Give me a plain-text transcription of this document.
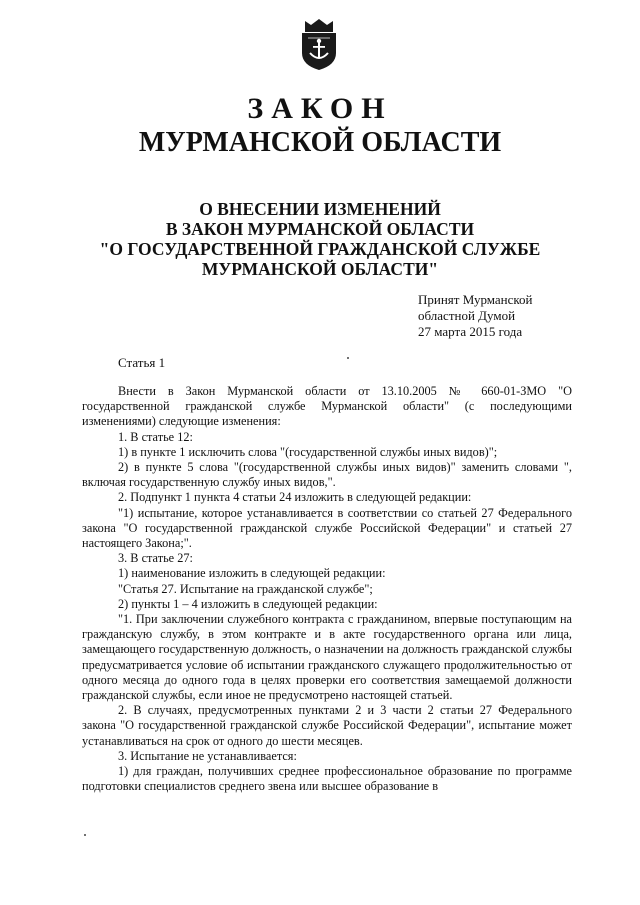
ЗАКОН
МУРМАНСКОЙ ОБЛАСТИ
О ВНЕСЕНИИ ИЗМЕНЕНИЙ
В ЗАКОН МУРМАНСКОЙ ОБЛАСТИ
"О ГОСУДАРСТВЕННОЙ ГРАЖДАНСКОЙ СЛУЖБЕ
МУРМАНСКОЙ ОБЛАСТИ"
Принят Мурманской
областной Думой
27 марта 2015 года
Статья 1

Внести в Закон Мурманской области от 13.10.2005 № 660-01-ЗМО "О государственной гражданской службе Мурманской области" (с последующими изменениями) следующие изменения:

1. В статье 12:

1) в пункте 1 исключить слова "(государственной службы иных видов)";

2) в пункте 5 слова "(государственной службы иных видов)" заменить словами ", включая государственную службу иных видов,".

2. Подпункт 1 пункта 4 статьи 24 изложить в следующей редакции:

"1) испытание, которое устанавливается в соответствии со статьей 27 Федерального закона "О государственной гражданской службе Российской Федерации" и статьей 27 настоящего Закона;".

3. В статье 27:

1) наименование изложить в следующей редакции:

"Статья 27. Испытание на гражданской службе";

2) пункты 1 – 4 изложить в следующей редакции:

"1. При заключении служебного контракта с гражданином, впервые поступающим на гражданскую службу, в этом контракте и в акте государственного органа или лица, замещающего государственную должность, о назначении на должность гражданской службы предусматривается условие об испытании гражданского служащего продолжительностью от одного месяца до одного года в целях проверки его соответствия замещаемой должности гражданской службы, если иное не предусмотрено настоящей статьей.

2. В случаях, предусмотренных пунктами 2 и 3 части 2 статьи 27 Федерального закона "О государственной гражданской службе Российской Федерации", испытание может устанавливаться на срок от одного до шести месяцев.

3. Испытание не устанавливается:

1) для граждан, получивших среднее профессиональное образование по программе подготовки специалистов среднего звена или высшее образование в
